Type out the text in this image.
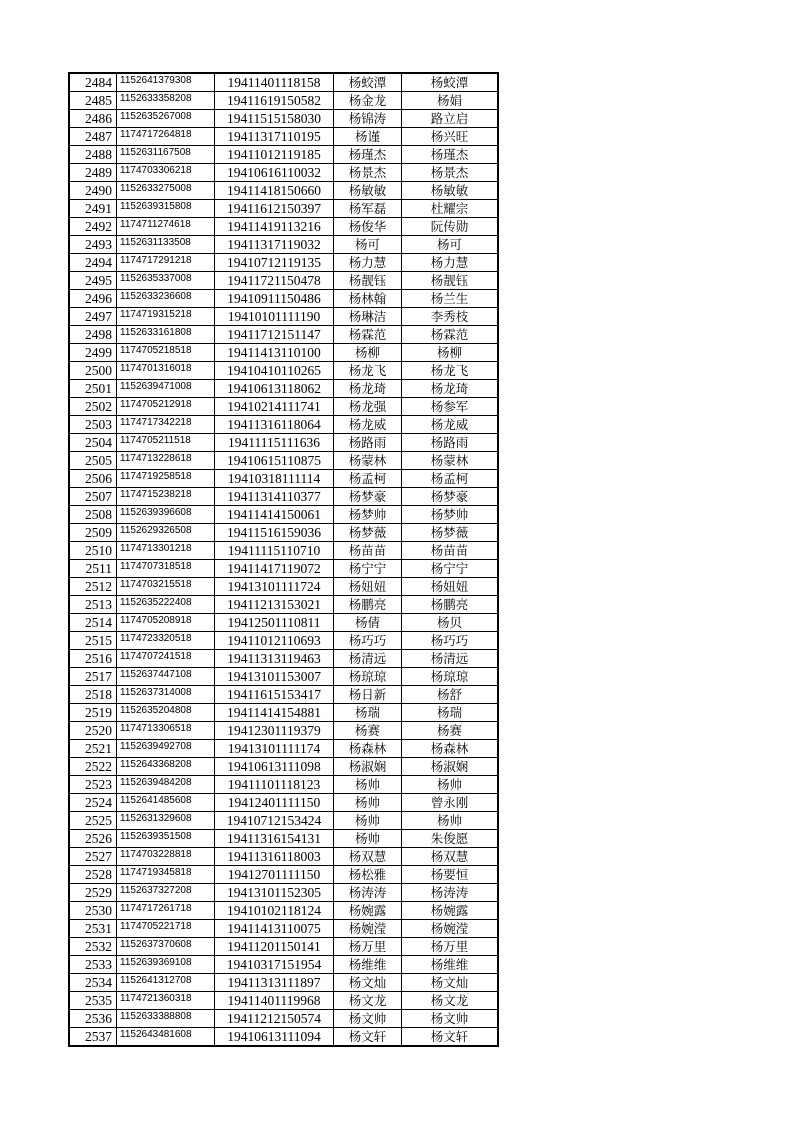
2484	1152641379308	19411401118158	杨蛟潭	杨蛟潭
2485	1152633358208	19411619150582	杨金龙	杨娟
2486	1152635267008	19411515158030	杨锦涛	路立启
2487	1174717264818	19411317110195	杨谨	杨兴旺
2488	1152631167508	19411012119185	杨瑾杰	杨瑾杰
2489	1174703306218	19410616110032	杨景杰	杨景杰
2490	1152633275008	19411418150660	杨敏敏	杨敏敏
2491	1152639315808	19411612150397	杨军磊	杜耀宗
2492	1174711274618	19411419113216	杨俊华	阮传勋
2493	1152631133508	19411317119032	杨可	杨可
2494	1174717291218	19410712119135	杨力慧	杨力慧
2495	1152635337008	19411721150478	杨靓钰	杨靓钰
2496	1152633236608	19410911150486	杨林翰	杨兰生
2497	1174719315218	19410101111190	杨琳洁	李秀枝
2498	1152633161808	19411712151147	杨霖范	杨霖范
2499	1174705218518	19411413110100	杨柳	杨柳
2500	1174701316018	19410410110265	杨龙飞	杨龙飞
2501	1152639471008	19410613118062	杨龙琦	杨龙琦
2502	1174705212918	19410214111741	杨龙强	杨参军
2503	1174717342218	19411316118064	杨龙威	杨龙威
2504	1174705211518	19411115111636	杨路雨	杨路雨
2505	1174713228618	19410615110875	杨蒙林	杨蒙林
2506	1174719258518	19410318111114	杨孟柯	杨孟柯
2507	1174715238218	19411314110377	杨梦豪	杨梦豪
2508	1152639396608	19411414150061	杨梦帅	杨梦帅
2509	1152629326508	19411516159036	杨梦薇	杨梦薇
2510	1174713301218	19411115110710	杨苗苗	杨苗苗
2511	1174707318518	19411417119072	杨宁宁	杨宁宁
2512	1174703215518	19413101111724	杨妞妞	杨妞妞
2513	1152635222408	19411213153021	杨鹏亮	杨鹏亮
2514	1174705208918	19412501110811	杨倩	杨贝
2515	1174723320518	19411012110693	杨巧巧	杨巧巧
2516	1174707241518	19411313119463	杨清远	杨清远
2517	1152637447108	19413101153007	杨琼琼	杨琼琼
2518	1152637314008	19411615153417	杨日新	杨舒
2519	1152635204808	19411414154881	杨瑞	杨瑞
2520	1174713306518	19412301119379	杨赛	杨赛
2521	1152639492708	19413101111174	杨森林	杨森林
2522	1152643368208	19410613111098	杨淑娴	杨淑娴
2523	1152639484208	19411101118123	杨帅	杨帅
2524	1152641485608	19412401111150	杨帅	曾永刚
2525	1152631329608	19410712153424	杨帅	杨帅
2526	1152639351508	19411316154131	杨帅	朱俊愿
2527	1174703228818	19411316118003	杨双慧	杨双慧
2528	1174719345818	19412701111150	杨松雅	杨要恒
2529	1152637327208	19413101152305	杨涛涛	杨涛涛
2530	1174717261718	19410102118124	杨婉露	杨婉露
2531	1174705221718	19411413110075	杨婉滢	杨婉滢
2532	1152637370608	19411201150141	杨万里	杨万里
2533	1152639369108	19410317151954	杨维维	杨维维
2534	1152641312708	19411313111897	杨文灿	杨文灿
2535	1174721360318	19411401119968	杨文龙	杨文龙
2536	1152633388808	19411212150574	杨文帅	杨文帅
2537	1152643481608	19410613111094	杨文轩	杨文轩
